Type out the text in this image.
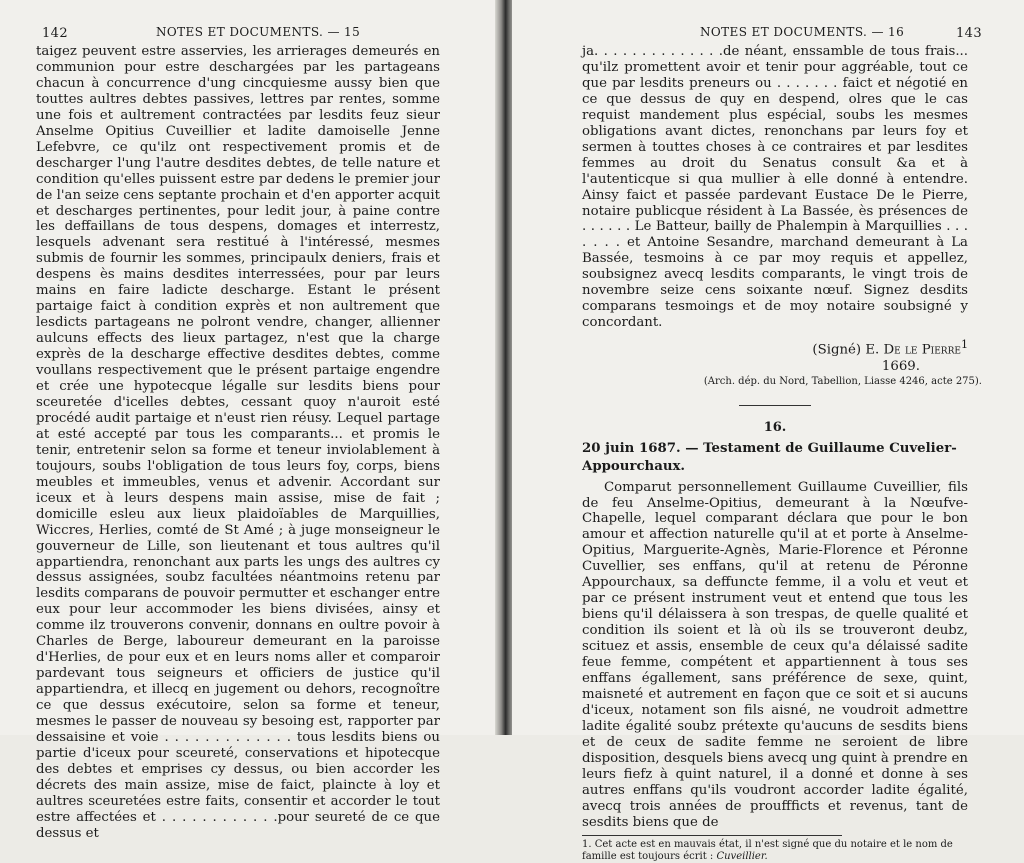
142	NOTES ET DOCUMENTS. — 15

taigez peuvent estre asservies, les arrierages demeurés en communion pour estre deschargées par les partageans chacun à concurrence d'ung cincquiesme aussy bien que touttes aultres debtes passives, lettres par rentes, somme une fois et aultrement contractées par lesdits feuz sieur Anselme Opitius Cuveillier et ladite damoiselle Jenne Lefebvre, ce qu'ilz ont respectivement promis et de descharger l'ung l'autre desdites debtes, de telle nature et condition qu'elles puissent estre par dedens le premier jour de l'an seize cens septante prochain et d'en apporter acquit et descharges pertinentes, pour ledit jour, à paine contre les deffaillans de tous despens, domages et interrestz, lesquels advenant sera restitué à l'intéressé, mesmes submis de fournir les sommes, principaulx deniers, frais et despens ès mains desdites interressées, pour par leurs mains en faire ladicte descharge. Estant le présent partaige faict à condition exprès et non aultrement que lesdicts partageans ne polront vendre, changer, allienner aulcuns effects des lieux partagez, n'est que la charge exprès de la descharge effective desdites debtes, comme voullans respectivement que le présent partaige engendre et crée une hypotecque légalle sur lesdits biens pour sceuretée d'icelles debtes, cessant quoy n'auroit esté procédé audit partaige et n'eust rien réusy. Lequel partage at esté accepté par tous les comparants... et promis le tenir, entretenir selon sa forme et teneur inviolablement à toujours, soubs l'obligation de tous leurs foy, corps, biens meubles et immeubles, venus et advenir. Accordant sur iceux et à leurs despens main assise, mise de fait ; domicille esleu aux lieux plaidoïables de Marquillies, Wiccres, Herlies, comté de St Amé ; à juge monseigneur le gouverneur de Lille, son lieutenant et tous aultres qu'il appartiendra, renonchant aux parts les ungs des aultres cy dessus assignées, soubz facultées néantmoins retenu par lesdits comparans de pouvoir permutter et eschanger entre eux pour leur accommoder les biens divisées, ainsy et comme ilz trouverons convenir, donnans en oultre povoir à Charles de Berge, laboureur demeurant en la paroisse d'Herlies, de pour eux et en leurs noms aller et comparoir pardevant tous seigneurs et officiers de justice qu'il appartiendra, et illecq en jugement ou dehors, recognoître ce que dessus exécutoire, selon sa forme et teneur, mesmes le passer de nouveau sy besoing est, rapporter par dessaisine et voie . . . . . . . . . . . . . tous lesdits biens ou partie d'iceux pour sceureté, conservations et hipotecque des debtes et emprises cy dessus, ou bien accorder les décrets des main assize, mise de faict, plaincte à loy et aultres sceuretées estre faits, consentir et accorder le tout estre affectées et . . . . . . . . . . . .pour seureté de ce que dessus et

NOTES ET DOCUMENTS. — 16	143

ja. . . . . . . . . . . . . .de néant, enssamble de tous frais... qu'ilz promettent avoir et tenir pour aggréable, tout ce que par lesdits preneurs ou . . . . . . . faict et négotié en ce que dessus de quy en despend, olres que le cas requist mandement plus espécial, soubs les mesmes obligations avant dictes, renonchans par leurs foy et sermen à touttes choses à ce contraires et par lesdites femmes au droit du Senatus consult &a et à l'autenticque si qua mullier à elle donné à entendre. Ainsy faict et passée pardevant Eustace De le Pierre, notaire publicque résident à La Bassée, ès présences de . . . . . . Le Batteur, bailly de Phalempin à Marquillies . . . . . . . et Antoine Sesandre, marchand demeurant à La Bassée, tesmoins à ce par moy requis et appellez, soubsignez avecq lesdits comparants, le vingt trois de novembre seize cens soixante nœuf. Signez desdits comparans tesmoings et de moy notaire soubsigné y concordant.

(Signé) E. De le Pierre$^1$
1669.
(Arch. dép. du Nord, Tabellion, Liasse 4246, acte 275).
16.
20 juin 1687. — Testament de Guillaume Cuvelier-Appourchaux.

Comparut personnellement Guillaume Cuveillier, fils de feu Anselme-Opitius, demeurant à la Nœufve-Chapelle, lequel comparant déclara que pour le bon amour et affection naturelle qu'il at et porte à Anselme-Opitius, Marguerite-Agnès, Marie-Florence et Péronne Cuvellier, ses enffans, qu'il at retenu de Péronne Appourchaux, sa deffuncte femme, il a volu et veut et par ce présent instrument veut et entend que tous les biens qu'il délaissera à son trespas, de quelle qualité et condition ils soient et là où ils se trouveront deubz, scituez et assis, ensemble de ceux qu'a délaissé sadite feue femme, compétent et appartiennent à tous ses enffans égallement, sans préférence de sexe, quint, maisneté et autrement en façon que ce soit et si aucuns d'iceux, notament son fils aisné, ne voudroit admettre ladite égalité soubz prétexte qu'aucuns de sesdits biens et de ceux de sadite femme ne seroient de libre disposition, desquels biens avecq ung quint à prendre en leurs fiefz à quint naturel, il a donné et donne à ses autres enffans qu'ils voudront accorder ladite égalité, avecq trois années de prouffficts et revenus, tant de sesdits biens que de

1. Cet acte est en mauvais état, il n'est signé que du notaire et le nom de famille est toujours écrit : Cuveillier.
